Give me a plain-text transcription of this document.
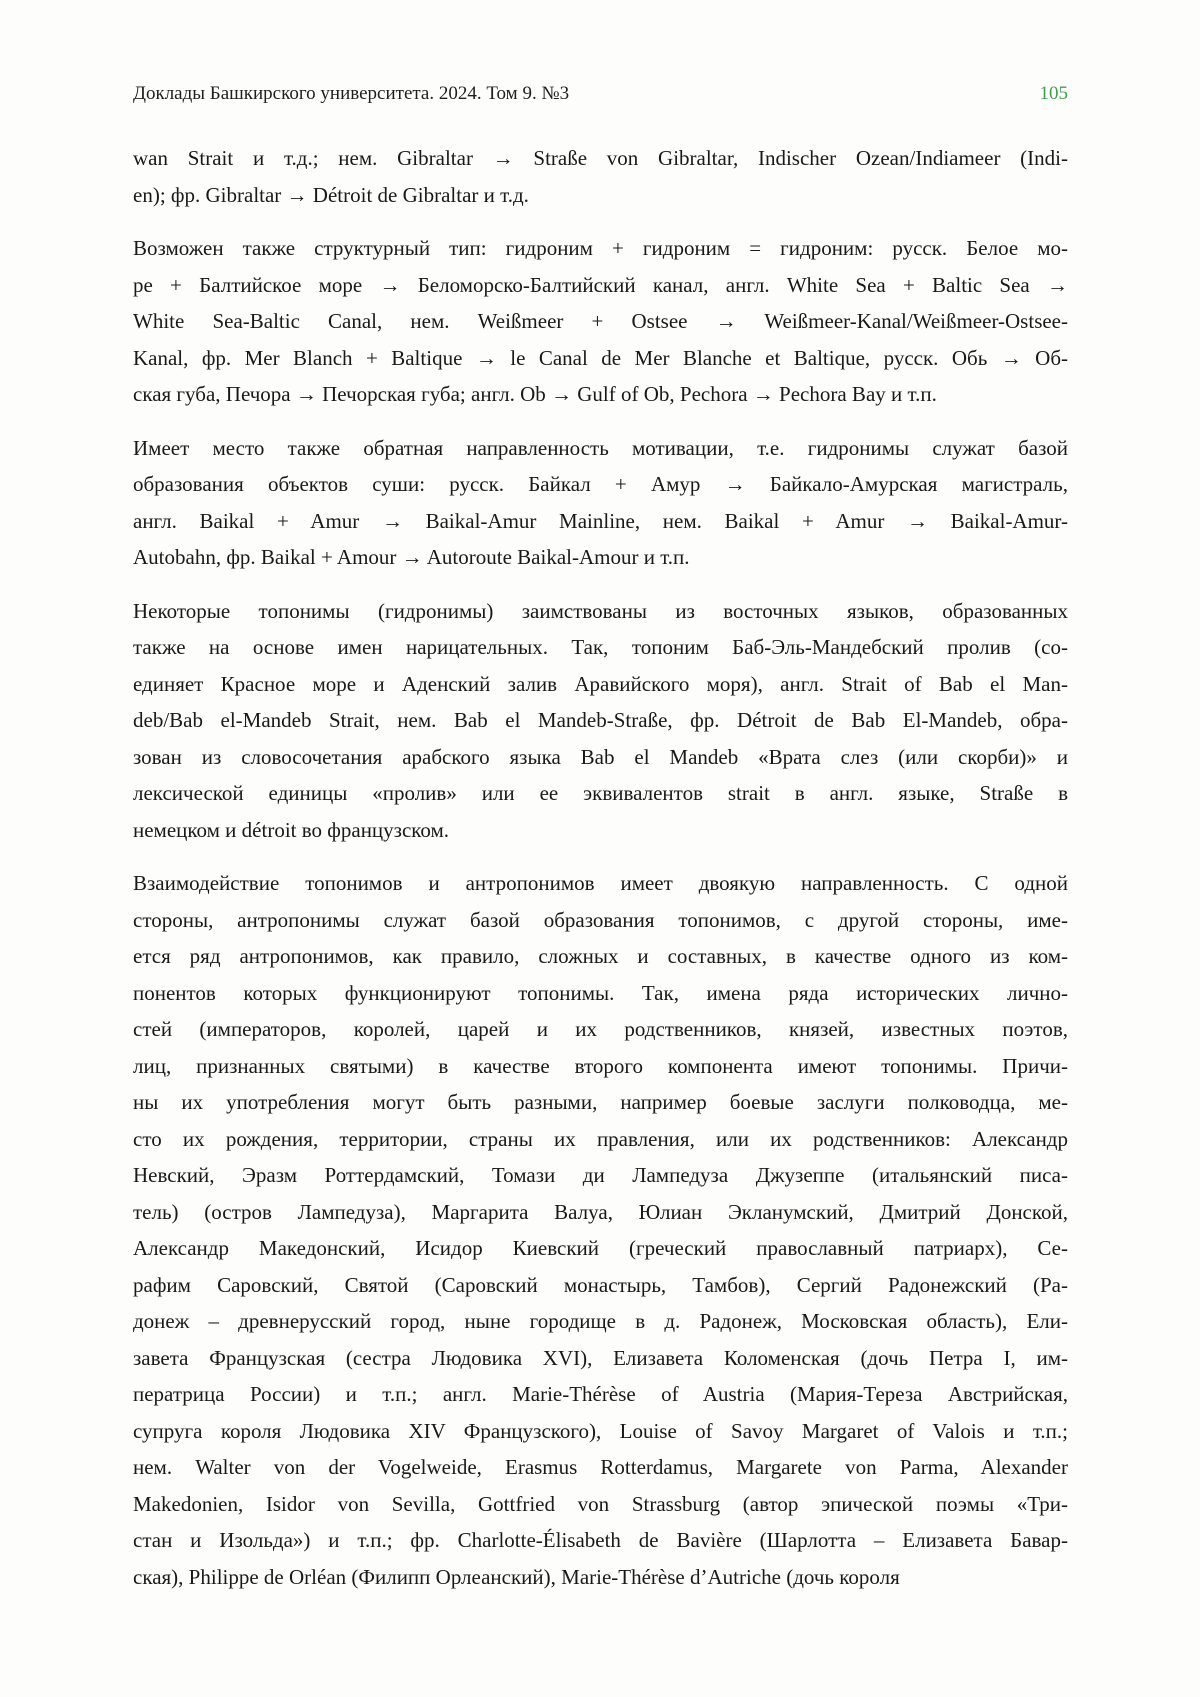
Доклады Башкирского университета. 2024. Том 9. №3	105

wan Strait и т.д.; нем. Gibraltar → Straße von Gibraltar, Indischer Ozean/Indiameer (Indi-
en); фр. Gibraltar → Détroit de Gibraltar и т.д.

Возможен также структурный тип: гидроним + гидроним = гидроним: русск. Белое мо-
ре + Балтийское море → Беломорско-Балтийский канал, англ. White Sea + Baltic Sea →
White Sea-Baltic Canal, нем. Weißmeer + Ostsee → Weißmeer-Kanal/Weißmeer-Ostsee-
Kanal, фр. Mer Blanch + Baltique → le Canal de Mer Blanche et Baltique, русск. Обь → Об-
ская губа, Печора → Печорская губа; англ. Ob → Gulf of Ob, Pechora → Pechora Bay и т.п.

Имеет место также обратная направленность мотивации, т.е. гидронимы служат базой
образования объектов суши: русск. Байкал + Амур → Байкало-Амурская магистраль,
англ. Baikal + Amur → Baikal-Amur Mainline, нем. Baikal + Amur → Baikal-Amur-
Autobahn, фр. Baikal + Amour → Autoroute Baikal-Amour и т.п.

Некоторые топонимы (гидронимы) заимствованы из восточных языков, образованных
также на основе имен нарицательных. Так, топоним Баб-Эль-Мандебский пролив (со-
единяет Красное море и Аденский залив Аравийского моря), англ. Strait of Bab el Man-
deb/Bab el-Mandeb Strait, нем. Bab el Mandeb-Straße, фр. Détroit de Bab El-Mandeb, обра-
зован из словосочетания арабского языка Bab el Mandeb «Врата слез (или скорби)» и
лексической единицы «пролив» или ее эквивалентов strait в англ. языке, Straße в
немецком и détroit во французском.

Взаимодействие топонимов и антропонимов имеет двоякую направленность. С одной
стороны, антропонимы служат базой образования топонимов, с другой стороны, име-
ется ряд антропонимов, как правило, сложных и составных, в качестве одного из ком-
понентов которых функционируют топонимы. Так, имена ряда исторических лично-
стей (императоров, королей, царей и их родственников, князей, известных поэтов,
лиц, признанных святыми) в качестве второго компонента имеют топонимы. Причи-
ны их употребления могут быть разными, например боевые заслуги полководца, ме-
сто их рождения, территории, страны их правления, или их родственников: Александр
Невский, Эразм Роттердамский, Томази ди Лампедуза Джузеппе (итальянский писа-
тель) (остров Лампедуза), Маргарита Валуа, Юлиан Экланумский, Дмитрий Донской,
Александр Македонский, Исидор Киевский (греческий православный патриарх), Се-
рафим Саровский, Святой (Саровский монастырь, Тамбов), Сергий Радонежский (Ра-
донеж – древнерусский город, ныне городище в д. Радонеж, Московская область), Ели-
завета Французская (сестра Людовика XVI), Елизавета Коломенская (дочь Петра I, им-
ператрица России) и т.п.; англ. Marie-Thérèse of Austria (Мария-Тереза Австрийская,
супруга короля Людовика XIV Французского), Louise of Savoy Margaret of Valois и т.п.;
нем. Walter von der Vogelweide, Erasmus Rotterdamus, Margarete von Parma, Alexander
Makedonien, Isidor von Sevilla, Gottfried von Strassburg (автор эпической поэмы «Три-
стан и Изольда») и т.п.; фр. Charlotte-Élisabeth de Bavière (Шарлотта – Елизавета Бавар-
ская), Philippe de Orléan (Филипп Орлеанский), Marie-Thérèse d’Autriche (дочь короля
